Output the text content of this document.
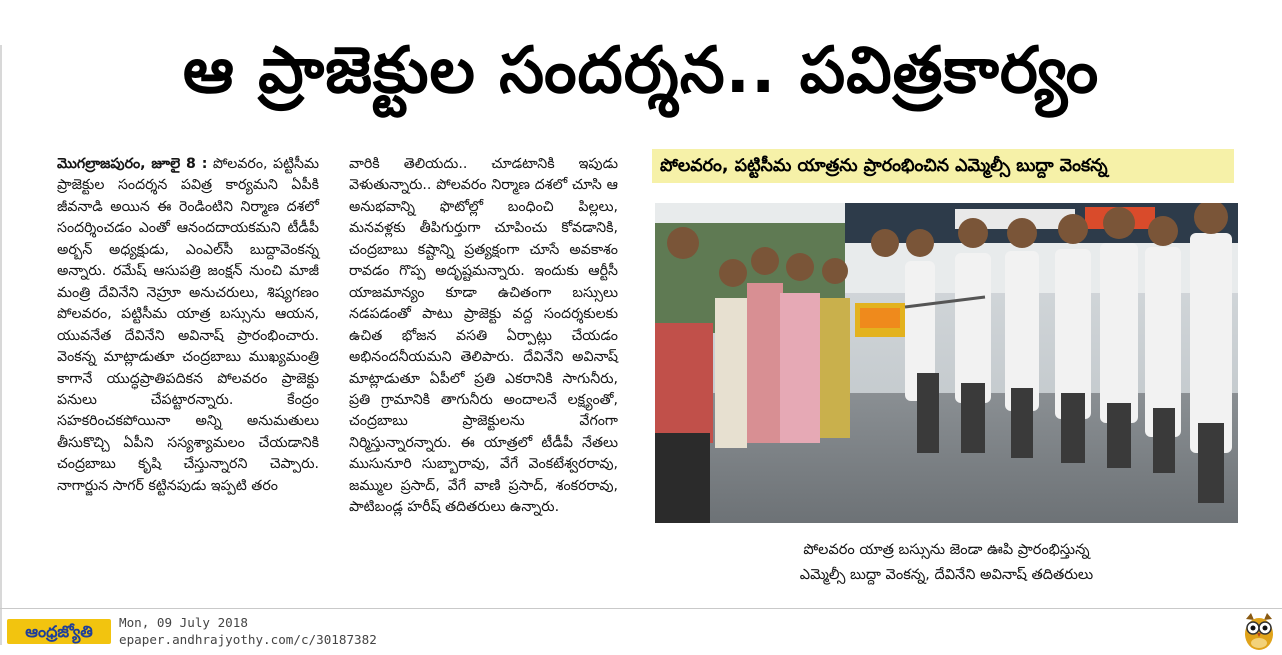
ఆ ప్రాజెక్టుల సందర్శన.. పవిత్రకార్యం

మొగల్రాజపురం, జూలై 8 : పోలవరం, పట్టిసీమ ప్రాజెక్టుల సందర్శన పవిత్ర కార్యమని ఏపీకి జీవనాడి అయిన ఈ రెండింటిని నిర్మాణ దశలో సందర్శించడం ఎంతో ఆనందదాయకమని టీడీపీ అర్బన్ అధ్యక్షుడు, ఎంఎల్‌సీ బుద్దావెంకన్న అన్నారు. రమేష్ ఆసుపత్రి జంక్షన్ నుంచి మాజీ మంత్రి దేవినేని నెహ్రూ అనుచరులు, శిష్యగణం పోలవరం, పట్టిసీమ యాత్ర బస్సును ఆయన, యువనేత దేవినేని అవినాష్ ప్రారంభించారు. వెంకన్న మాట్లాడుతూ చంద్రబాబు ముఖ్యమంత్రి కాగానే యుద్ధప్రాతిపదికన పోలవరం ప్రాజెక్టు పనులు చేపట్టారన్నారు. కేంద్రం సహకరించకపోయినా అన్ని అనుమతులు తీసుకొచ్చి ఏపీని సస్యశ్యామలం చేయడానికి చంద్రబాబు కృషి చేస్తున్నారని చెప్పారు. నాగార్జున సాగర్ కట్టినపుడు ఇప్పటి తరం

వారికి తెలియదు.. చూడటానికి ఇపుడు వెళుతున్నారు.. పోలవరం నిర్మాణ దశలో చూసి ఆ అనుభవాన్ని ఫొటోల్లో బంధించి పిల్లలు, మనవళ్లకు తీపిగుర్తుగా చూపించు కోవడానికి, చంద్రబాబు కష్టాన్ని ప్రత్యక్షంగా చూసే అవకాశం రావడం గొప్ప అదృష్టమన్నారు. ఇందుకు ఆర్టీసీ యాజమాన్యం కూడా ఉచితంగా బస్సులు నడపడంతో పాటు ప్రాజెక్టు వద్ద సందర్శకులకు ఉచిత భోజన వసతి ఏర్పాట్లు చేయడం అభినందనీయమని తెలిపారు. దేవినేని అవినాష్ మాట్లాడుతూ ఏపీలో ప్రతి ఎకరానికి సాగునీరు, ప్రతి గ్రామానికి తాగునీరు అందాలనే లక్ష్యంతో, చంద్రబాబు ప్రాజెక్టులను వేగంగా నిర్మిస్తున్నారన్నారు. ఈ యాత్రలో టీడీపీ నేతలు ముసునూరి సుబ్బారావు, వేగే వెంకటేశ్వరరావు, జమ్ముల ప్రసాద్, వేగే వాణి ప్రసాద్, శంకరరావు, పాటిబండ్ల హరీష్ తదితరులు ఉన్నారు.

పోలవరం, పట్టిసీమ యాత్రను ప్రారంభించిన ఎమ్మెల్సీ బుద్దా వెంకన్న
పోలవరం యాత్ర బస్సును జెండా ఊపి ప్రారంభిస్తున్న
ఎమ్మెల్సీ బుద్దా వెంకన్న, దేవినేని అవినాష్ తదితరులు
ఆంధ్రజ్యోతి	Mon, 09 July 2018
epaper.andhrajyothy.com/c/30187382
